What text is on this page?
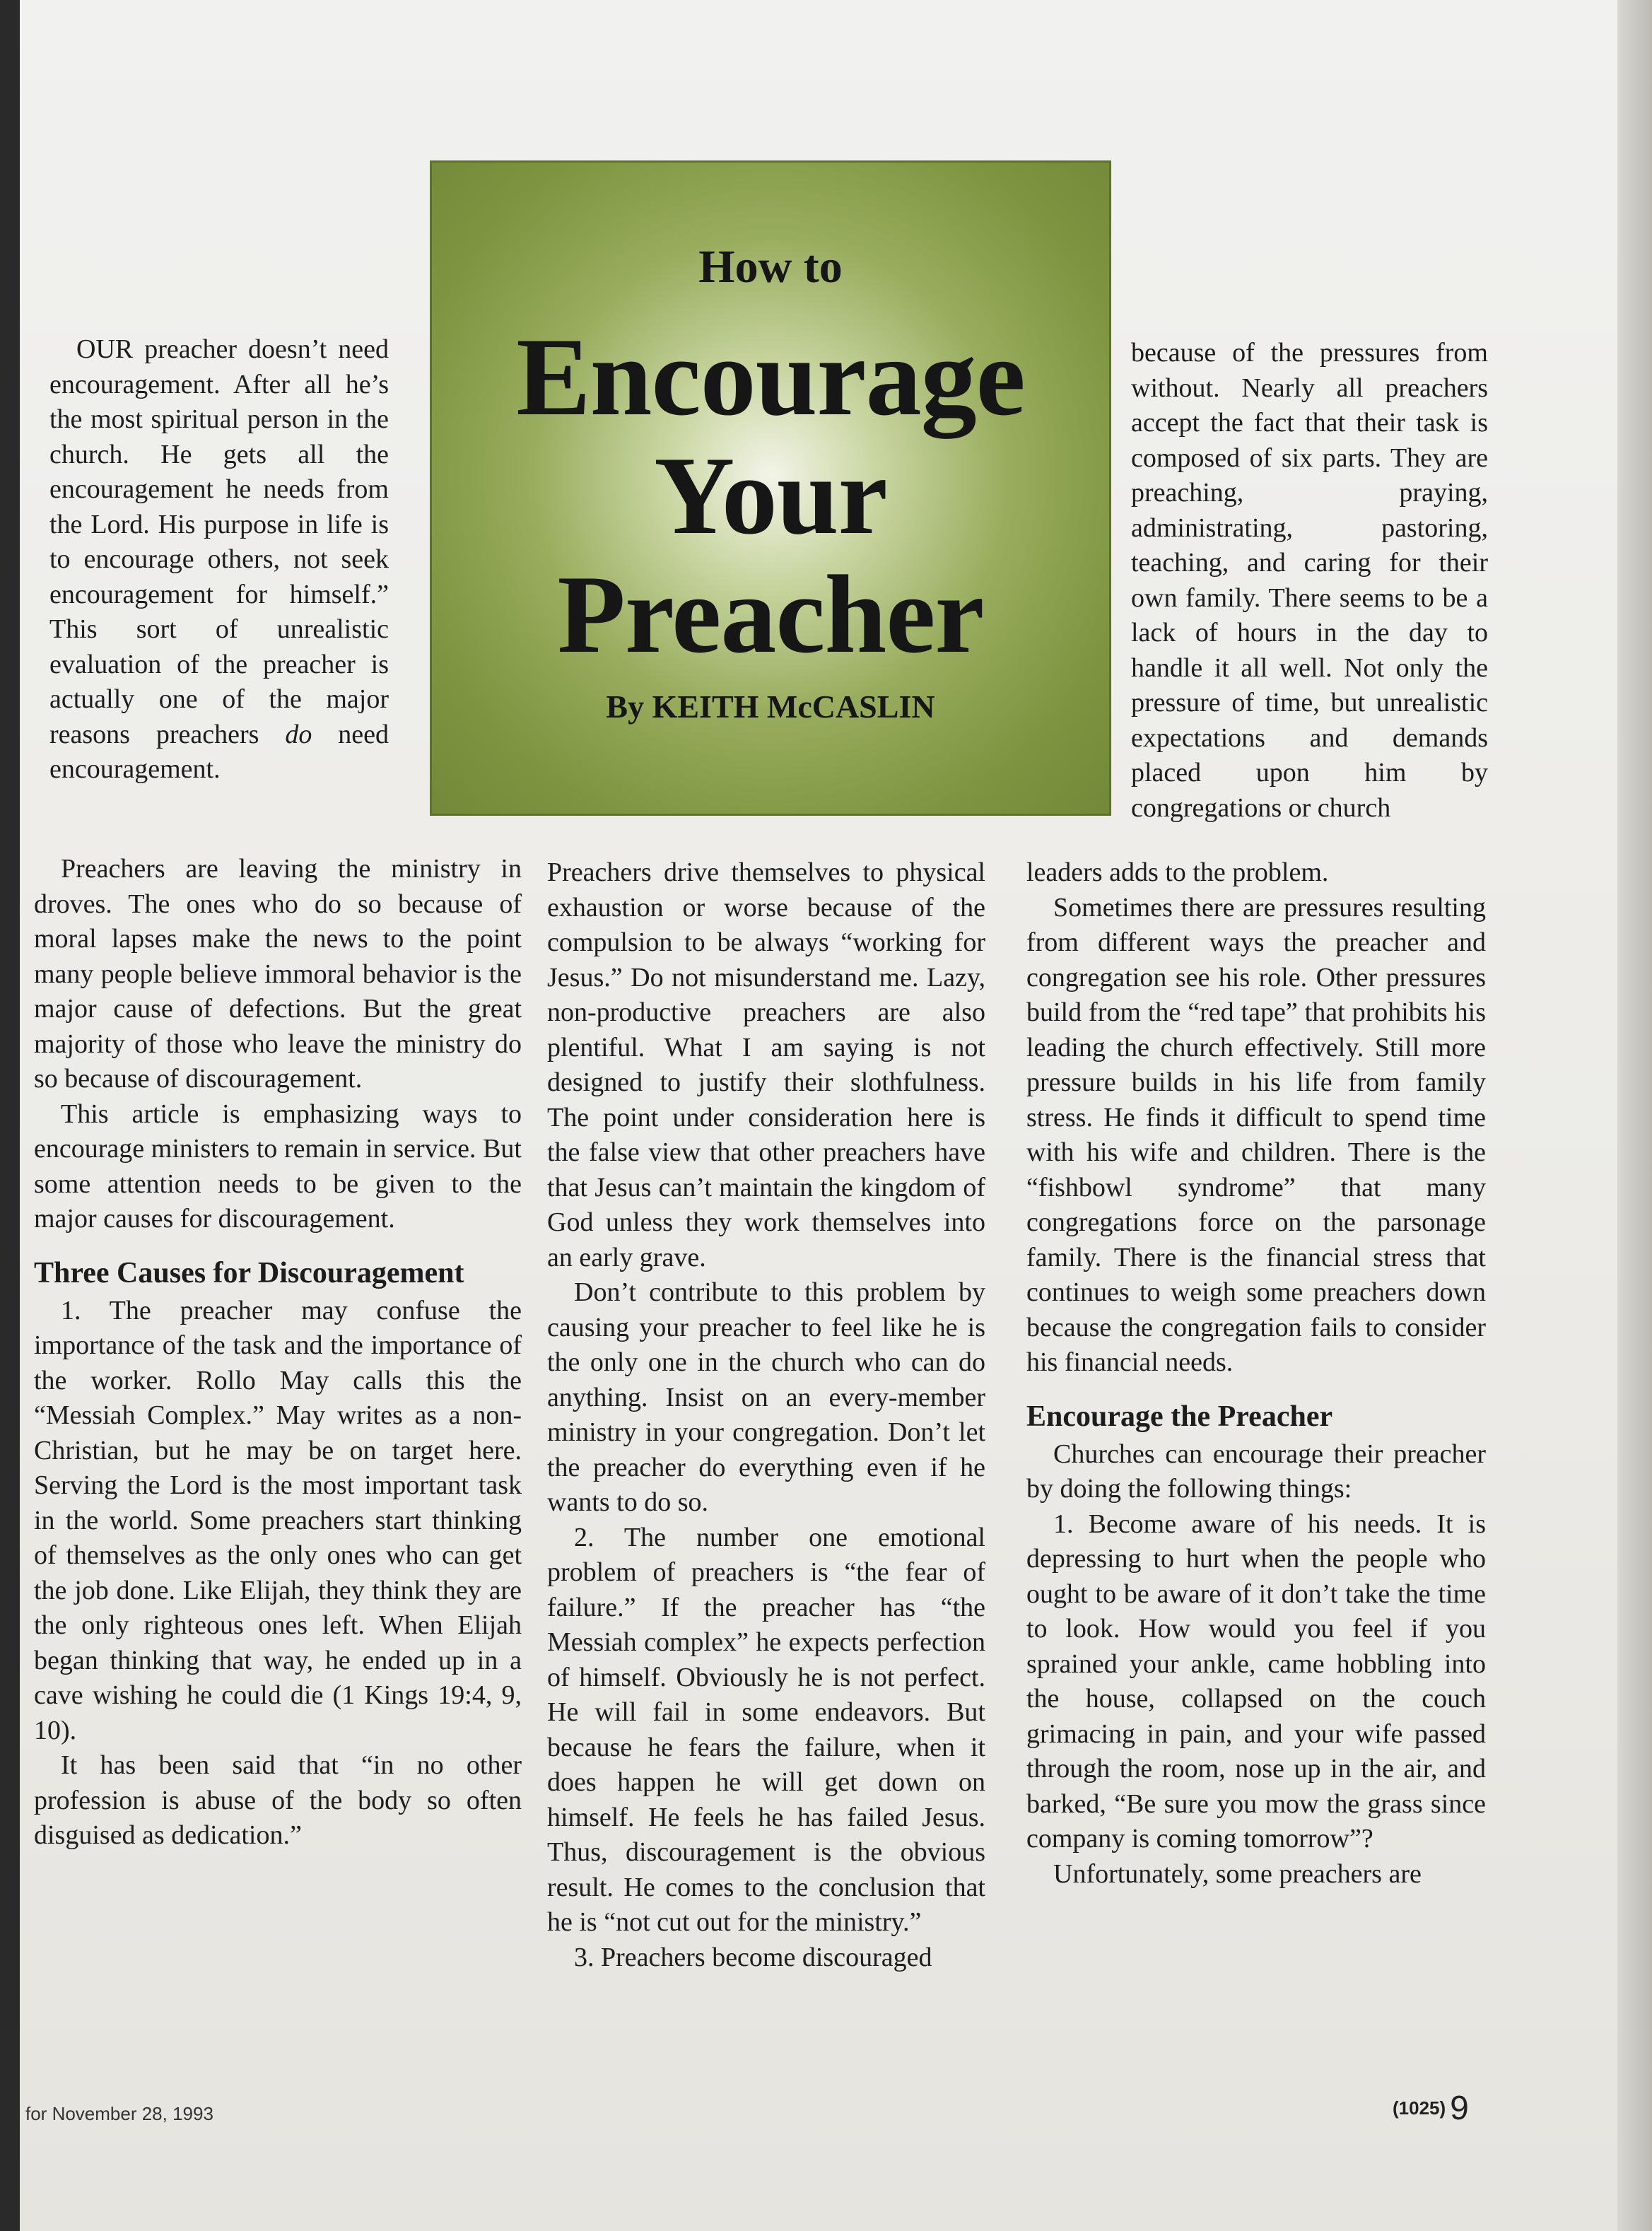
How to
Encourage
Your
Preacher
By KEITH McCASLIN

OUR preacher doesn’t need encouragement. After all he’s the most spiritual person in the church. He gets all the encouragement he needs from the Lord. His purpose in life is to encourage others, not seek encouragement for himself.” This sort of unrealistic evaluation of the preacher is actually one of the major reasons preachers do need encouragement.

Preachers are leaving the ministry in droves. The ones who do so because of moral lapses make the news to the point many people believe immoral behavior is the major cause of defections. But the great majority of those who leave the ministry do so because of discouragement.

This article is emphasizing ways to encourage ministers to remain in service. But some attention needs to be given to the major causes for discouragement.

Three Causes for Discouragement

1. The preacher may confuse the importance of the task and the importance of the worker. Rollo May calls this the “Messiah Complex.” May writes as a non-Christian, but he may be on target here. Serving the Lord is the most important task in the world. Some preachers start thinking of themselves as the only ones who can get the job done. Like Elijah, they think they are the only righteous ones left. When Elijah began thinking that way, he ended up in a cave wishing he could die (1 Kings 19:4, 9, 10).

It has been said that “in no other profession is abuse of the body so often disguised as dedication.”

Preachers drive themselves to physical exhaustion or worse because of the compulsion to be always “working for Jesus.” Do not misunderstand me. Lazy, non-productive preachers are also plentiful. What I am saying is not designed to justify their slothfulness. The point under consideration here is the false view that other preachers have that Jesus can’t maintain the kingdom of God unless they work themselves into an early grave.

Don’t contribute to this problem by causing your preacher to feel like he is the only one in the church who can do anything. Insist on an every-member ministry in your congregation. Don’t let the preacher do everything even if he wants to do so.

2. The number one emotional problem of preachers is “the fear of failure.” If the preacher has “the Messiah complex” he expects perfection of himself. Obviously he is not perfect. He will fail in some endeavors. But because he fears the failure, when it does happen he will get down on himself. He feels he has failed Jesus. Thus, discouragement is the obvious result. He comes to the conclusion that he is “not cut out for the ministry.”

3. Preachers become discouraged

because of the pressures from without. Nearly all preachers accept the fact that their task is composed of six parts. They are preaching, praying, administrating, pastoring, teaching, and caring for their own family. There seems to be a lack of hours in the day to handle it all well. Not only the pressure of time, but unrealistic expectations and demands placed upon him by congregations or church

leaders adds to the problem.

Sometimes there are pressures resulting from different ways the preacher and congregation see his role. Other pressures build from the “red tape” that prohibits his leading the church effectively. Still more pressure builds in his life from family stress. He finds it difficult to spend time with his wife and children. There is the “fishbowl syndrome” that many congregations force on the parsonage family. There is the financial stress that continues to weigh some preachers down because the congregation fails to consider his financial needs.

Encourage the Preacher

Churches can encourage their preacher by doing the following things:

1. Become aware of his needs. It is depressing to hurt when the people who ought to be aware of it don’t take the time to look. How would you feel if you sprained your ankle, came hobbling into the house, collapsed on the couch grimacing in pain, and your wife passed through the room, nose up in the air, and barked, “Be sure you mow the grass since company is coming tomorrow”?

Unfortunately, some preachers are

for November 28, 1993	(1025) 9
